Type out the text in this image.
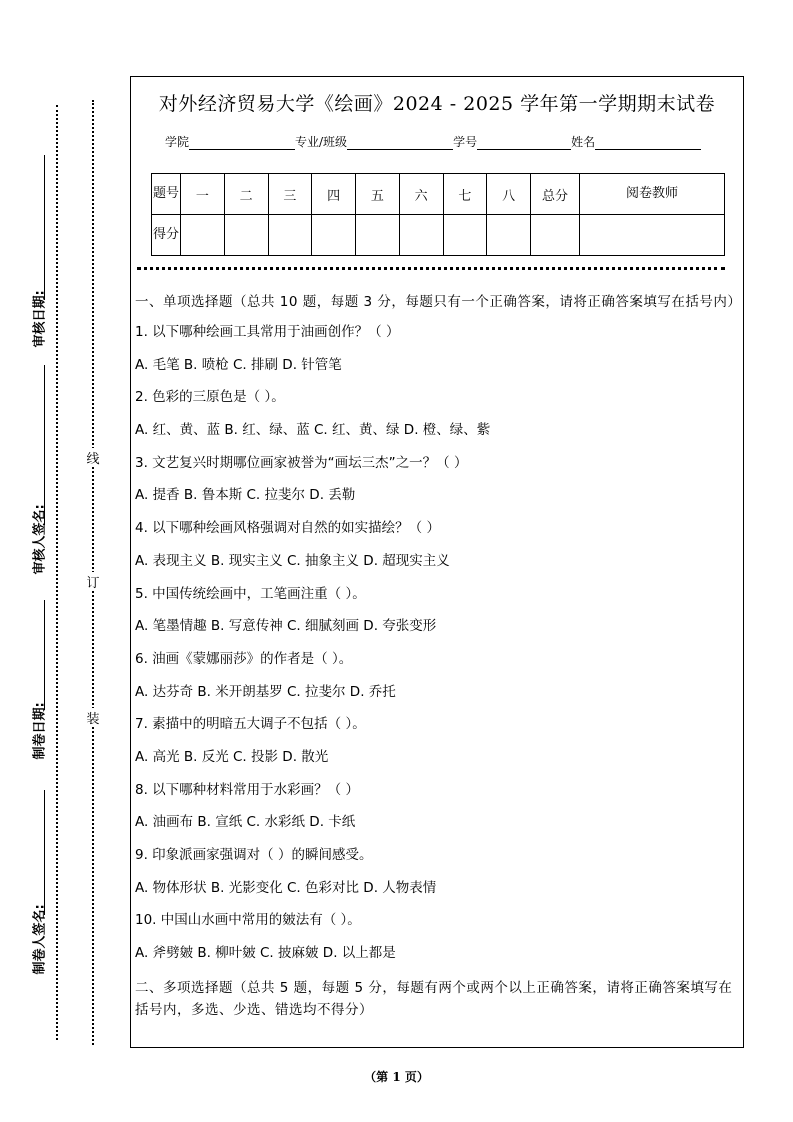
审核日期:
审核人签名:
制卷日期:
制卷人签名:
线
订
装
对外经济贸易大学《绘画》2024 - 2025 学年第一学期期末试卷
学院	专业/班级	学号	姓名
题号	一	二	三	四	五	六	七	八	总分	阅卷教师
得分										
一、单项选择题（总共 10 题，每题 3 分，每题只有一个正确答案，请将正确答案填写在括号内）
1. 以下哪种绘画工具常用于油画创作？（ ）
A. 毛笔 B. 喷枪 C. 排刷 D. 针管笔
2. 色彩的三原色是（ ）。
A. 红、黄、蓝 B. 红、绿、蓝 C. 红、黄、绿 D. 橙、绿、紫
3. 文艺复兴时期哪位画家被誉为“画坛三杰”之一？（ ）
A. 提香 B. 鲁本斯 C. 拉斐尔 D. 丢勒
4. 以下哪种绘画风格强调对自然的如实描绘？（ ）
A. 表现主义 B. 现实主义 C. 抽象主义 D. 超现实主义
5. 中国传统绘画中，工笔画注重（ ）。
A. 笔墨情趣 B. 写意传神 C. 细腻刻画 D. 夸张变形
6. 油画《蒙娜丽莎》的作者是（ ）。
A. 达芬奇 B. 米开朗基罗 C. 拉斐尔 D. 乔托
7. 素描中的明暗五大调子不包括（ ）。
A. 高光 B. 反光 C. 投影 D. 散光
8. 以下哪种材料常用于水彩画？（ ）
A. 油画布 B. 宣纸 C. 水彩纸 D. 卡纸
9. 印象派画家强调对（ ）的瞬间感受。
A. 物体形状 B. 光影变化 C. 色彩对比 D. 人物表情
10. 中国山水画中常用的皴法有（ ）。
A. 斧劈皴 B. 柳叶皴 C. 披麻皴 D. 以上都是
二、多项选择题（总共 5 题，每题 5 分，每题有两个或两个以上正确答案，请将正确答案填写在括号内，多选、少选、错选均不得分）
（第 1 页）
